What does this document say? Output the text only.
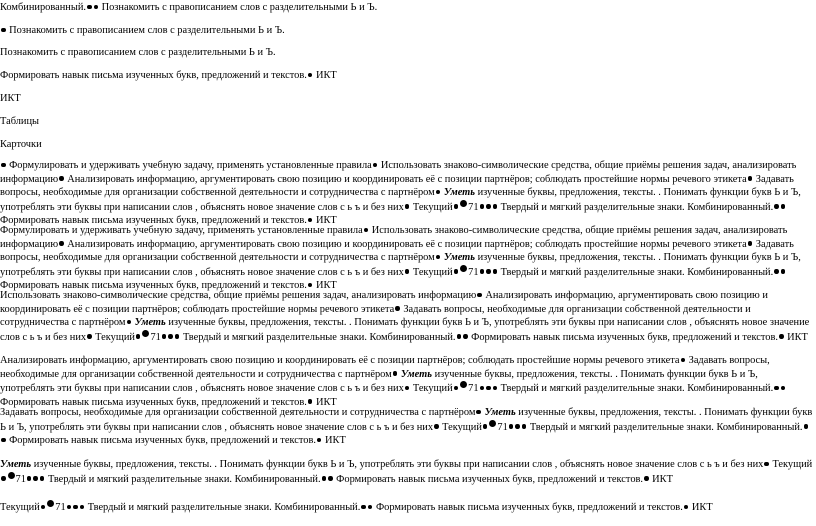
Комбинированный. Познакомить с правописанием слов с разделительными Ь и Ъ.

Познакомить с правописанием слов с разделительными Ь и Ъ.

Познакомить с правописанием слов с разделительными Ь и Ъ.

Формировать навык письма изученных букв, предложений и текстов. ИКТ

ИКТ

Таблицы

Карточки

Формулировать и удерживать учебную задачу, применять установленные правила Использовать знаково-символические средства, общие приёмы решения задач, анализировать информацию Анализировать информацию, аргументировать свою позицию и координировать её с позиции партнёров; соблюдать простейшие нормы речевого этикета Задавать вопросы, необходимые для организации собственной деятельности и сотрудничества с партнёром Уметь изученные буквы, предложения, тексты. . Понимать функции букв Ь и Ъ, употреблять эти буквы при написании слов , объяснять новое значение слов с ь ъ и без них Текущий 71 Твердый и мягкий разделительные знаки. Комбинированный. Формировать навык письма изученных букв, предложений и текстов. ИКТ

Формулировать и удерживать учебную задачу, применять установленные правила Использовать знаково-символические средства, общие приёмы решения задач, анализировать информацию Анализировать информацию, аргументировать свою позицию и координировать её с позиции партнёров; соблюдать простейшие нормы речевого этикета Задавать вопросы, необходимые для организации собственной деятельности и сотрудничества с партнёром Уметь изученные буквы, предложения, тексты. . Понимать функции букв Ь и Ъ, употреблять эти буквы при написании слов , объяснять новое значение слов с ь ъ и без них Текущий 71 Твердый и мягкий разделительные знаки. Комбинированный. Формировать навык письма изученных букв, предложений и текстов. ИКТ

Использовать знаково-символические средства, общие приёмы решения задач, анализировать информацию Анализировать информацию, аргументировать свою позицию и координировать её с позиции партнёров; соблюдать простейшие нормы речевого этикета Задавать вопросы, необходимые для организации собственной деятельности и сотрудничества с партнёром Уметь изученные буквы, предложения, тексты. . Понимать функции букв Ь и Ъ, употреблять эти буквы при написании слов , объяснять новое значение слов с ь ъ и без них Текущий 71 Твердый и мягкий разделительные знаки. Комбинированный. Формировать навык письма изученных букв, предложений и текстов. ИКТ

Анализировать информацию, аргументировать свою позицию и координировать её с позиции партнёров; соблюдать простейшие нормы речевого этикета Задавать вопросы, необходимые для организации собственной деятельности и сотрудничества с партнёром Уметь изученные буквы, предложения, тексты. . Понимать функции букв Ь и Ъ, употреблять эти буквы при написании слов , объяснять новое значение слов с ь ъ и без них Текущий 71 Твердый и мягкий разделительные знаки. Комбинированный. Формировать навык письма изученных букв, предложений и текстов. ИКТ

Задавать вопросы, необходимые для организации собственной деятельности и сотрудничества с партнёром Уметь изученные буквы, предложения, тексты. . Понимать функции букв Ь и Ъ, употреблять эти буквы при написании слов , объяснять новое значение слов с ь ъ и без них Текущий 71 Твердый и мягкий разделительные знаки. Комбинированный. Формировать навык письма изученных букв, предложений и текстов. ИКТ

Уметь изученные буквы, предложения, тексты. . Понимать функции букв Ь и Ъ, употреблять эти буквы при написании слов , объяснять новое значение слов с ь ъ и без них Текущий71 Твердый и мягкий разделительные знаки. Комбинированный. Формировать навык письма изученных букв, предложений и текстов. ИКТ

Текущий 71 Твердый и мягкий разделительные знаки. Комбинированный. Формировать навык письма изученных букв, предложений и текстов. ИКТ
